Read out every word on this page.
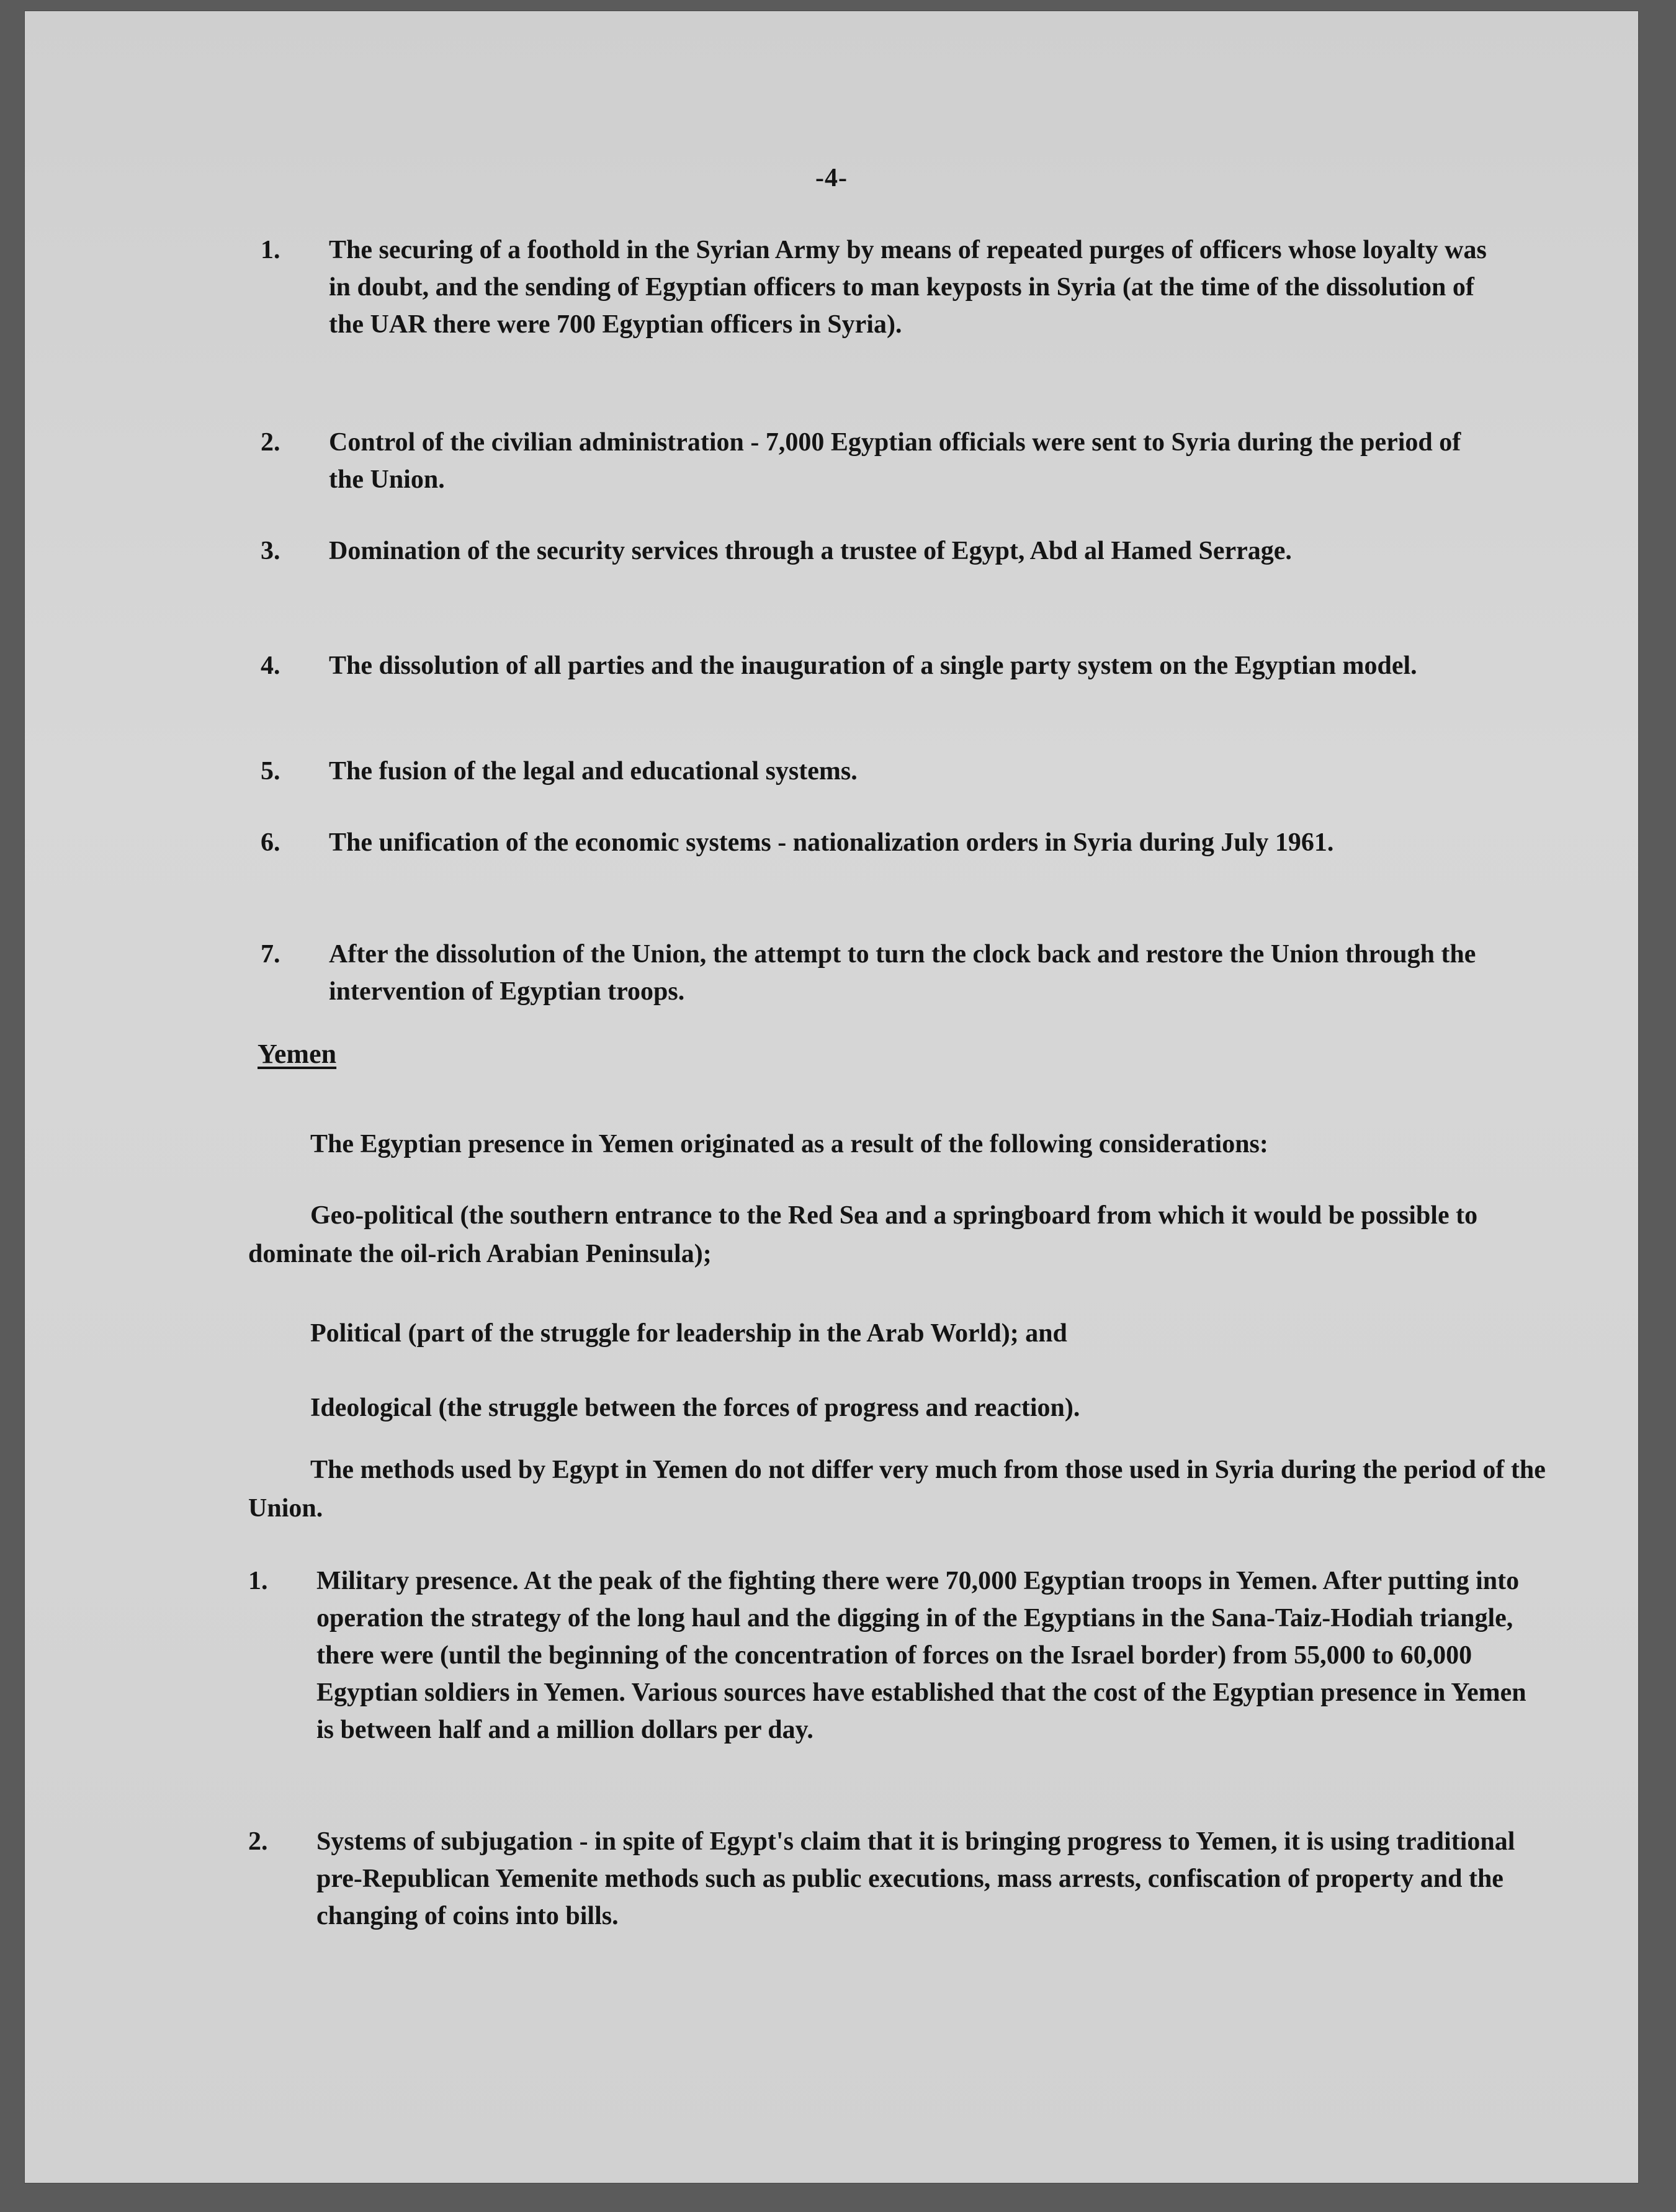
-4-
1. The securing of a foothold in the Syrian Army by means of repeated purges of officers whose loyalty was in doubt, and the sending of Egyptian officers to man keyposts in Syria (at the time of the dissolution of the UAR there were 700 Egyptian officers in Syria).
2. Control of the civilian administration - 7,000 Egyptian officials were sent to Syria during the period of the Union.
3. Domination of the security services through a trustee of Egypt, Abd al Hamed Serrage.
4. The dissolution of all parties and the inauguration of a single party system on the Egyptian model.
5. The fusion of the legal and educational systems.
6. The unification of the economic systems - nationalization orders in Syria during July 1961.
7. After the dissolution of the Union, the attempt to turn the clock back and restore the Union through the intervention of Egyptian troops.
Yemen
The Egyptian presence in Yemen originated as a result of the following considerations:
Geo-political (the southern entrance to the Red Sea and a springboard from which it would be possible to dominate the oil-rich Arabian Peninsula);
Political (part of the struggle for leadership in the Arab World); and
Ideological (the struggle between the forces of progress and reaction).
The methods used by Egypt in Yemen do not differ very much from those used in Syria during the period of the Union.
1. Military presence. At the peak of the fighting there were 70,000 Egyptian troops in Yemen. After putting into operation the strategy of the long haul and the digging in of the Egyptians in the Sana-Taiz-Hodiah triangle, there were (until the beginning of the concentration of forces on the Israel border) from 55,000 to 60,000 Egyptian soldiers in Yemen. Various sources have established that the cost of the Egyptian presence in Yemen is between half and a million dollars per day.
2. Systems of subjugation - in spite of Egypt's claim that it is bringing progress to Yemen, it is using traditional pre-Republican Yemenite methods such as public executions, mass arrests, confiscation of property and the changing of coins into bills.
